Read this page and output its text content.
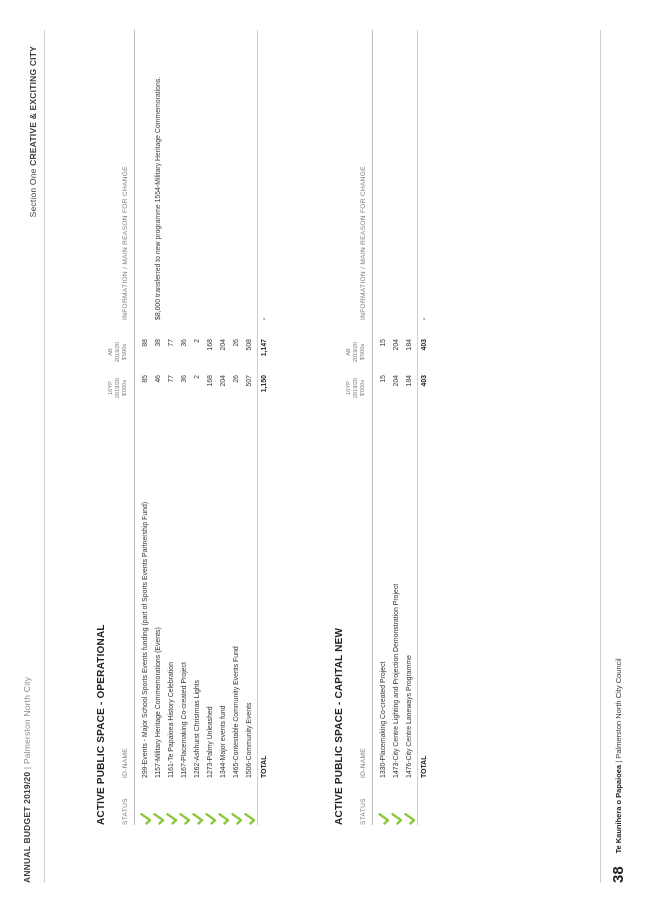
ANNUAL BUDGET 2019/20 | Palmerston North City
Section One CREATIVE & EXCITING CITY
ACTIVE PUBLIC SPACE - OPERATIONAL STATUS
ID-NAME
10YP 2019/20 $'000s
AB 2019/20 $'000s
INFORMATION / MAIN REASON FOR CHANGE
299-Events - Major School Sports Events funding (part of Sports Events Partnership Fund)
85
88
1157-Military Heritage Commemorations (Events)
46
38
$8,000 transferred to new programme 1554-Military Heritage Commemorations.
1161-Te Papaioea History Celebration
77
77
1167-Placemaking Co-created Project
36
36
1262-Ashhurst Christmas Lights
2
2
1273-Palmy Unleashed
168
168
1344-Major events fund
204
204
1465-Contestable Community Events Fund
26
26
1506-Community Events
507
508
TOTAL
1,150
1,147
-
ACTIVE PUBLIC SPACE - CAPITAL NEW STATUS
ID-NAME
10YP 2019/20 $'000s
AB 2019/20 $'000s
INFORMATION / MAIN REASON FOR CHANGE
1330-Placemaking Co-created Project
15
15
1473-City Centre Lighting and Projection Demonstration Project
204
204
1476-City Centre Laneways Programme
184
184
TOTAL
403
403
-
38 Te Kaunihera o Papaioea | Palmerston North City Council
